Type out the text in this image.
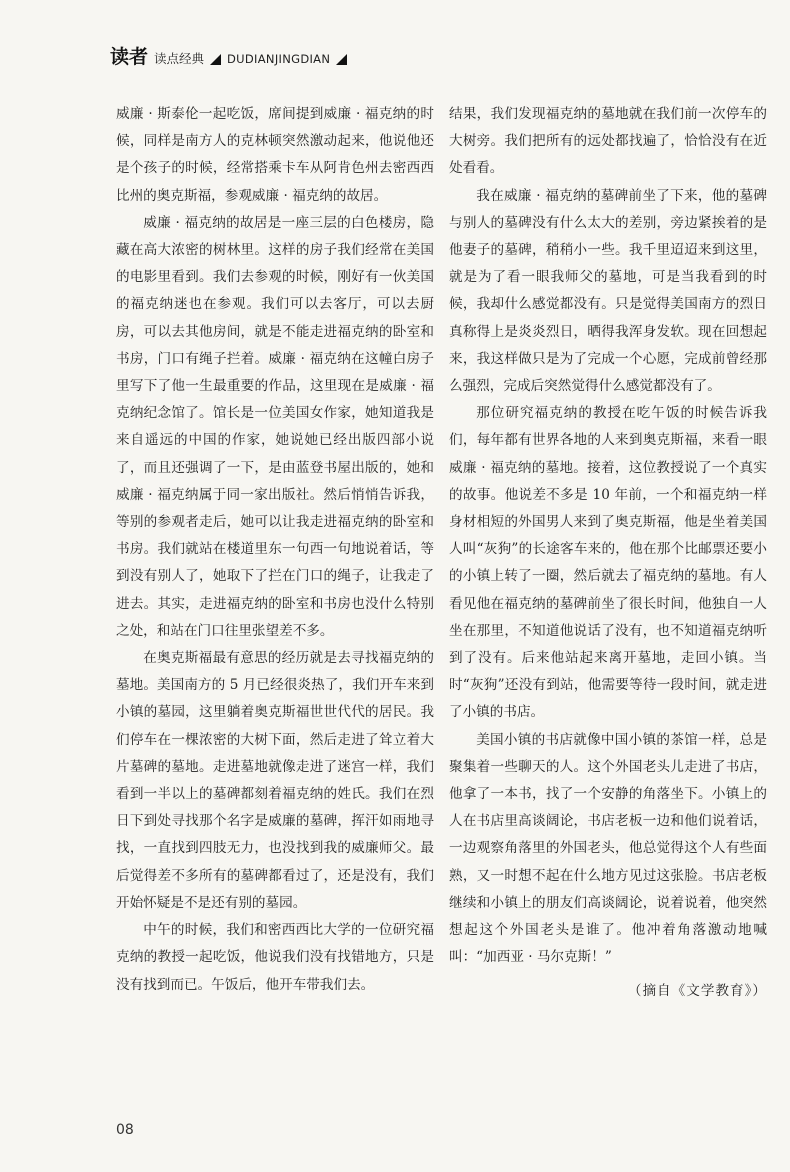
读者 读点经典 DUDIANJINGDIAN

威廉 · 斯泰伦一起吃饭，席间提到威廉 · 福克纳的时候，同样是南方人的克林顿突然激动起来，他说他还是个孩子的时候，经常搭乘卡车从阿肯色州去密西西比州的奥克斯福，参观威廉 · 福克纳的故居。

威廉 · 福克纳的故居是一座三层的白色楼房，隐藏在高大浓密的树林里。这样的房子我们经常在美国的电影里看到。我们去参观的时候，刚好有一伙美国的福克纳迷也在参观。我们可以去客厅，可以去厨房，可以去其他房间，就是不能走进福克纳的卧室和书房，门口有绳子拦着。威廉 · 福克纳在这幢白房子里写下了他一生最重要的作品，这里现在是威廉 · 福克纳纪念馆了。馆长是一位美国女作家，她知道我是来自遥远的中国的作家，她说她已经出版四部小说了，而且还强调了一下，是由蓝登书屋出版的，她和威廉 · 福克纳属于同一家出版社。然后悄悄告诉我，等别的参观者走后，她可以让我走进福克纳的卧室和书房。我们就站在楼道里东一句西一句地说着话，等到没有别人了，她取下了拦在门口的绳子，让我走了进去。其实，走进福克纳的卧室和书房也没什么特别之处，和站在门口往里张望差不多。

在奥克斯福最有意思的经历就是去寻找福克纳的墓地。美国南方的 5 月已经很炎热了，我们开车来到小镇的墓园，这里躺着奥克斯福世世代代的居民。我们停车在一棵浓密的大树下面，然后走进了耸立着大片墓碑的墓地。走进墓地就像走进了迷宫一样，我们看到一半以上的墓碑都刻着福克纳的姓氏。我们在烈日下到处寻找那个名字是威廉的墓碑，挥汗如雨地寻找，一直找到四肢无力，也没找到我的威廉师父。最后觉得差不多所有的墓碑都看过了，还是没有，我们开始怀疑是不是还有别的墓园。

中午的时候，我们和密西西比大学的一位研究福克纳的教授一起吃饭，他说我们没有找错地方，只是没有找到而已。午饭后，他开车带我们去。

结果，我们发现福克纳的墓地就在我们前一次停车的大树旁。我们把所有的远处都找遍了，恰恰没有在近处看看。

我在威廉 · 福克纳的墓碑前坐了下来，他的墓碑与别人的墓碑没有什么太大的差别，旁边紧挨着的是他妻子的墓碑，稍稍小一些。我千里迢迢来到这里，就是为了看一眼我师父的墓地，可是当我看到的时候，我却什么感觉都没有。只是觉得美国南方的烈日真称得上是炎炎烈日，晒得我浑身发软。现在回想起来，我这样做只是为了完成一个心愿，完成前曾经那么强烈，完成后突然觉得什么感觉都没有了。

那位研究福克纳的教授在吃午饭的时候告诉我们，每年都有世界各地的人来到奥克斯福，来看一眼威廉 · 福克纳的墓地。接着，这位教授说了一个真实的故事。他说差不多是 10 年前，一个和福克纳一样身材相短的外国男人来到了奥克斯福，他是坐着美国人叫“灰狗”的长途客车来的，他在那个比邮票还要小的小镇上转了一圈，然后就去了福克纳的墓地。有人看见他在福克纳的墓碑前坐了很长时间，他独自一人坐在那里，不知道他说话了没有，也不知道福克纳听到了没有。后来他站起来离开墓地，走回小镇。当时“灰狗”还没有到站，他需要等待一段时间，就走进了小镇的书店。

美国小镇的书店就像中国小镇的茶馆一样，总是聚集着一些聊天的人。这个外国老头儿走进了书店，他拿了一本书，找了一个安静的角落坐下。小镇上的人在书店里高谈阔论，书店老板一边和他们说着话，一边观察角落里的外国老头，他总觉得这个人有些面熟，又一时想不起在什么地方见过这张脸。书店老板继续和小镇上的朋友们高谈阔论，说着说着，他突然想起这个外国老头是谁了。他冲着角落激动地喊叫：“加西亚 · 马尔克斯！”

（摘自《文学教育》）

08
